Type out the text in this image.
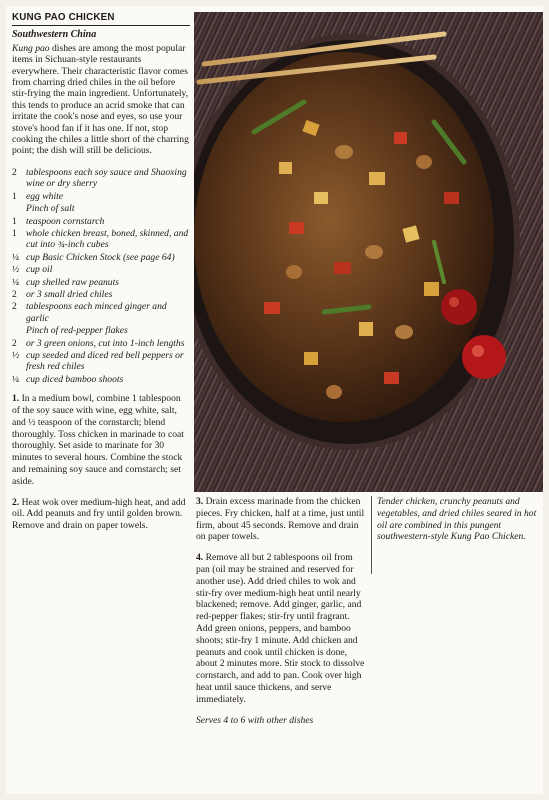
KUNG PAO CHICKEN
Southwestern China

Kung pao dishes are among the most popular items in Sichuan-style restaurants everywhere. Their characteristic flavor comes from charring dried chiles in the oil before stir-frying the main ingredient. Unfortunately, this tends to produce an acrid smoke that can irritate the cook's nose and eyes, so use your stove's hood fan if it has one. If not, stop cooking the chiles a little short of the charring point; the dish will still be delicious.

2 tablespoons each soy sauce and Shaoxing wine or dry sherry
1 egg white
Pinch of salt
1 teaspoon cornstarch
1 whole chicken breast, boned, skinned, and cut into ¾-inch cubes
¼ cup Basic Chicken Stock (see page 64)
½ cup oil
¼ cup shelled raw peanuts
2 or 3 small dried chiles
2 tablespoons each minced ginger and garlic
Pinch of red-pepper flakes
2 or 3 green onions, cut into 1-inch lengths
½ cup seeded and diced red bell peppers or fresh red chiles
¼ cup diced bamboo shoots

1. In a medium bowl, combine 1 tablespoon of the soy sauce with wine, egg white, salt, and ½ teaspoon of the cornstarch; blend thoroughly. Toss chicken in marinade to coat thoroughly. Set aside to marinate for 30 minutes to several hours. Combine the stock and remaining soy sauce and cornstarch; set aside.

2. Heat wok over medium-high heat, and add oil. Add peanuts and fry until golden brown. Remove and drain on paper towels.

3. Drain excess marinade from the chicken pieces. Fry chicken, half at a time, just until firm, about 45 seconds. Remove and drain on paper towels.

4. Remove all but 2 tablespoons oil from pan (oil may be strained and reserved for another use). Add dried chiles to wok and stir-fry over medium-high heat until nearly blackened; remove. Add ginger, garlic, and red-pepper flakes; stir-fry until fragrant. Add green onions, peppers, and bamboo shoots; stir-fry 1 minute. Add chicken and peanuts and cook until chicken is done, about 2 minutes more. Stir stock to dissolve cornstarch, and add to pan. Cook over high heat until sauce thickens, and serve immediately.

Serves 4 to 6 with other dishes
Tender chicken, crunchy peanuts and vegetables, and dried chiles seared in hot oil are combined in this pungent southwestern-style Kung Pao Chicken.
